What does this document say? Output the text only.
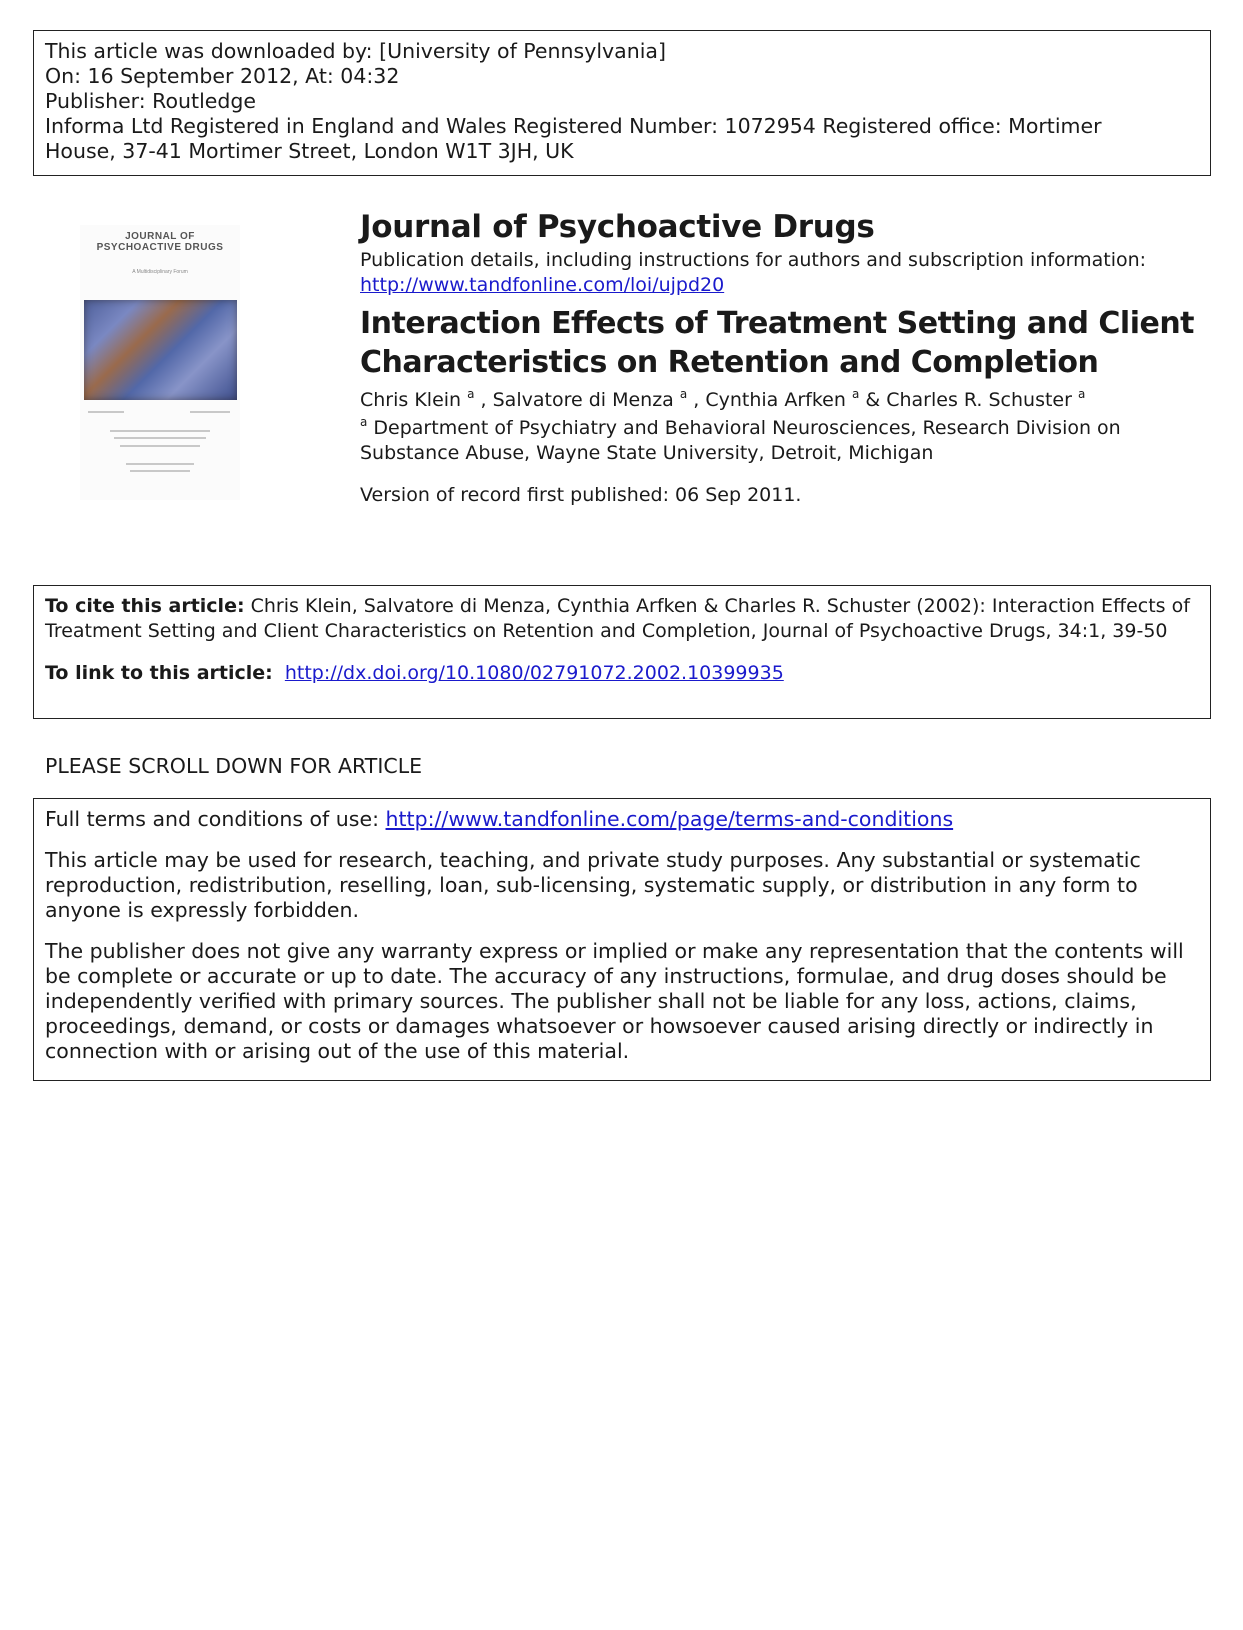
This article was downloaded by: [University of Pennsylvania]
On: 16 September 2012, At: 04:32
Publisher: Routledge
Informa Ltd Registered in England and Wales Registered Number: 1072954 Registered office: Mortimer
House, 37-41 Mortimer Street, London W1T 3JH, UK
JOURNAL OF
PSYCHOACTIVE DRUGS
A Multidisciplinary Forum
Journal of Psychoactive Drugs
Publication details, including instructions for authors and subscription information:
http://www.tandfonline.com/loi/ujpd20
Interaction Effects of Treatment Setting and Client Characteristics on Retention and Completion
Chris Klein $^a$ , Salvatore di Menza $^a$ , Cynthia Arfken $^a$ & Charles R. Schuster $^a$
$^a$ Department of Psychiatry and Behavioral Neurosciences, Research Division on Substance Abuse, Wayne State University, Detroit, Michigan
Version of record first published: 06 Sep 2011.
To cite this article: Chris Klein, Salvatore di Menza, Cynthia Arfken & Charles R. Schuster (2002): Interaction Effects of Treatment Setting and Client Characteristics on Retention and Completion, Journal of Psychoactive Drugs, 34:1, 39-50
To link to this article: http://dx.doi.org/10.1080/02791072.2002.10399935
PLEASE SCROLL DOWN FOR ARTICLE

Full terms and conditions of use: http://www.tandfonline.com/page/terms-and-conditions

This article may be used for research, teaching, and private study purposes. Any substantial or systematic reproduction, redistribution, reselling, loan, sub-licensing, systematic supply, or distribution in any form to anyone is expressly forbidden.

The publisher does not give any warranty express or implied or make any representation that the contents will be complete or accurate or up to date. The accuracy of any instructions, formulae, and drug doses should be independently verified with primary sources. The publisher shall not be liable for any loss, actions, claims, proceedings, demand, or costs or damages whatsoever or howsoever caused arising directly or indirectly in connection with or arising out of the use of this material.
